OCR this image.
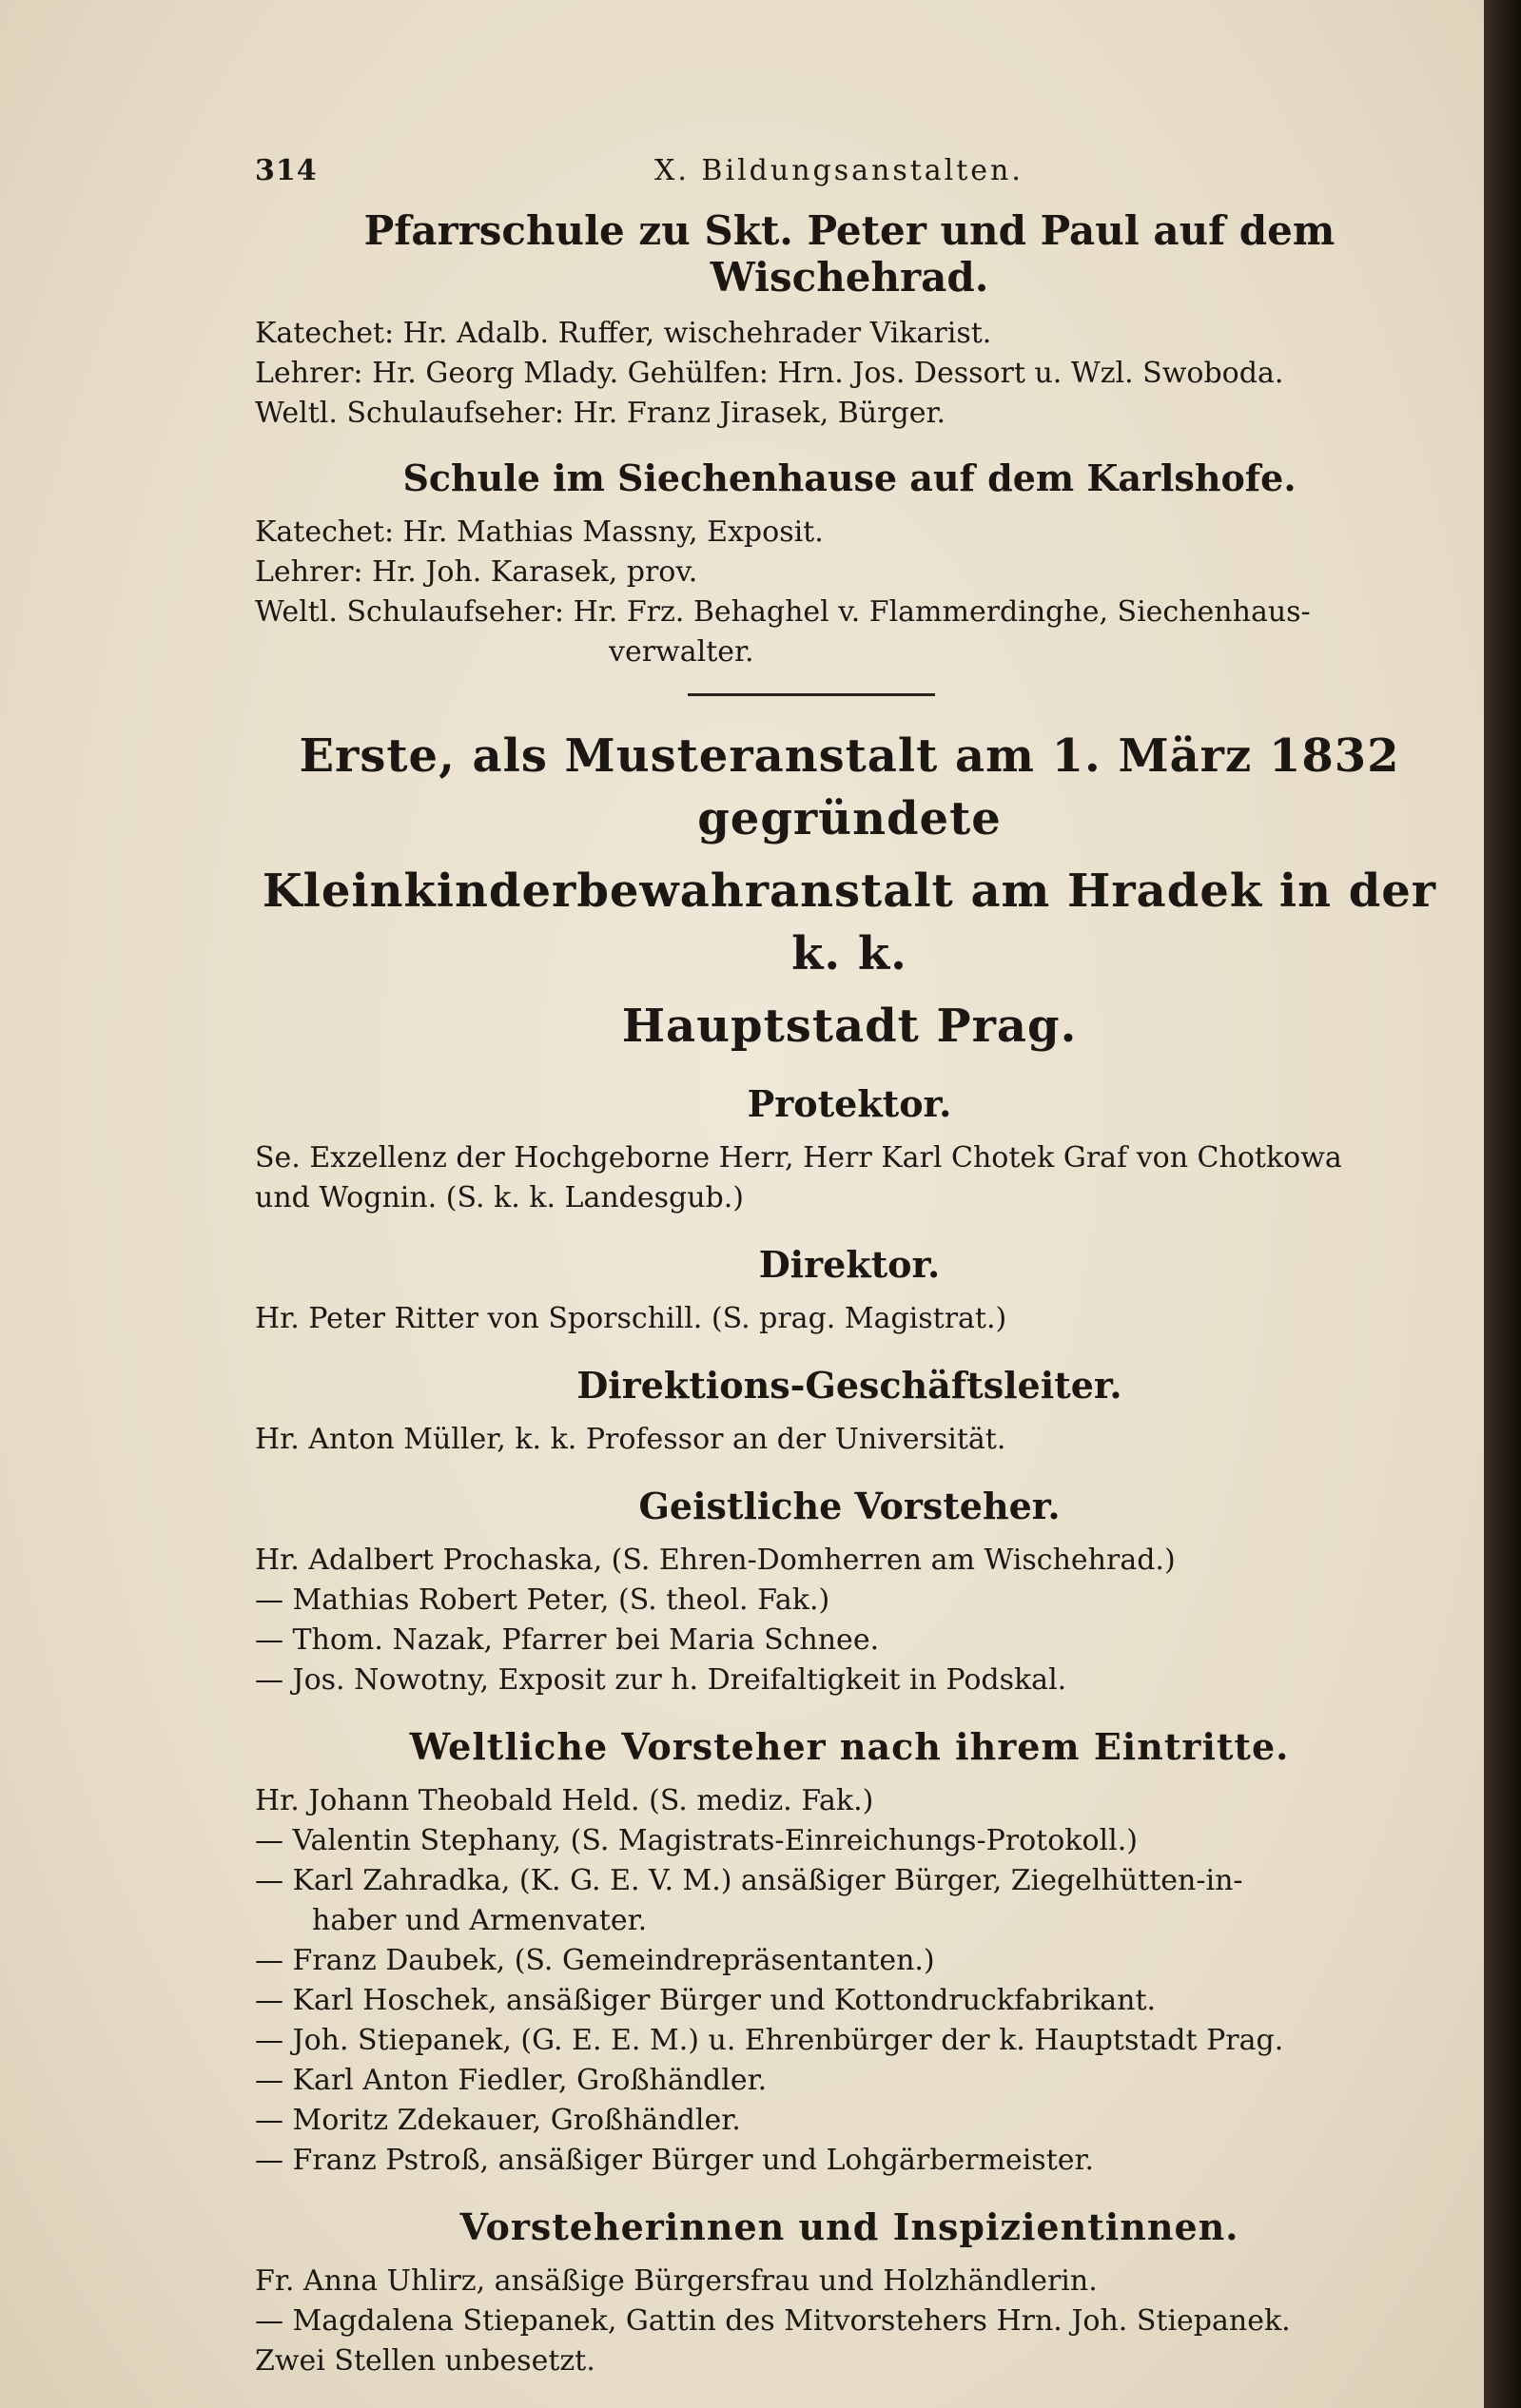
314	X. Bildungsanstalten.
Pfarrschule zu Skt. Peter und Paul auf dem Wischehrad.
Katechet: Hr. Adalb. Ruffer, wischehrader Vikarist.
Lehrer: Hr. Georg Mlady. Gehülfen: Hrn. Jos. Dessort u. Wzl. Swoboda.
Weltl. Schulaufseher: Hr. Franz Jirasek, Bürger.
Schule im Siechenhause auf dem Karlshofe.
Katechet: Hr. Mathias Massny, Exposit.
Lehrer: Hr. Joh. Karasek, prov.
Weltl. Schulaufseher: Hr. Frz. Behaghel v. Flammerdinghe, Siechenhaus-
verwalter.
Erste, als Musteranstalt am 1. März 1832 gegründete
Kleinkinderbewahranstalt am Hradek in der k. k.
Hauptstadt Prag.
Protektor.
Se. Exzellenz der Hochgeborne Herr, Herr Karl Chotek Graf von Chotkowa
und Wognin. (S. k. k. Landesgub.)
Direktor.
Hr. Peter Ritter von Sporschill. (S. prag. Magistrat.)
Direktions-Geschäftsleiter.
Hr. Anton Müller, k. k. Professor an der Universität.
Geistliche Vorsteher.
Hr. Adalbert Prochaska, (S. Ehren-Domherren am Wischehrad.)
— Mathias Robert Peter, (S. theol. Fak.)
— Thom. Nazak, Pfarrer bei Maria Schnee.
— Jos. Nowotny, Exposit zur h. Dreifaltigkeit in Podskal.
Weltliche Vorsteher nach ihrem Eintritte.
Hr. Johann Theobald Held. (S. mediz. Fak.)
— Valentin Stephany, (S. Magistrats-Einreichungs-Protokoll.)
— Karl Zahradka, (K. G. E. V. M.) ansäßiger Bürger, Ziegelhütten-in-
haber und Armenvater.
— Franz Daubek, (S. Gemeindrepräsentanten.)
— Karl Hoschek, ansäßiger Bürger und Kottondruckfabrikant.
— Joh. Stiepanek, (G. E. E. M.) u. Ehrenbürger der k. Hauptstadt Prag.
— Karl Anton Fiedler, Großhändler.
— Moritz Zdekauer, Großhändler.
— Franz Pstroß, ansäßiger Bürger und Lohgärbermeister.
Vorsteherinnen und Inspizientinnen.
Fr. Anna Uhlirz, ansäßige Bürgersfrau und Holzhändlerin.
— Magdalena Stiepanek, Gattin des Mitvorstehers Hrn. Joh. Stiepanek.
Zwei Stellen unbesetzt.
